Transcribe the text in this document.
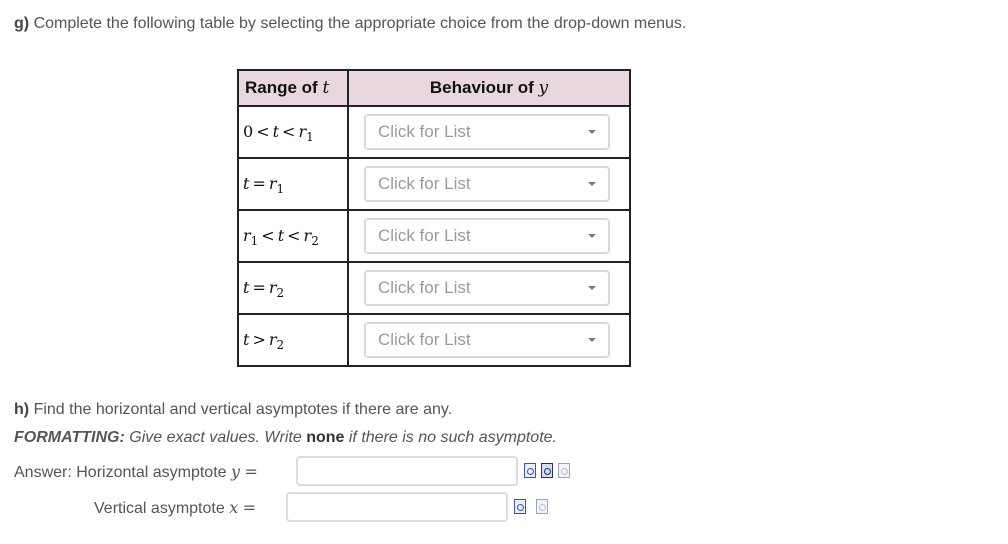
g) Complete the following table by selecting the appropriate choice from the drop-down menus.
Range of t	Behaviour of y
$0 < t < r_1$	Click for List

$t = r_1$	Click for List

$r_1 < t < r_2$	Click for List

$t = r_2$	Click for List

$t > r_2$	Click for List
h) Find the horizontal and vertical asymptotes if there are any.
FORMATTING: Give exact values. Write none if there is no such asymptote.
Answer: Horizontal asymptote y =
Vertical asymptote x =
